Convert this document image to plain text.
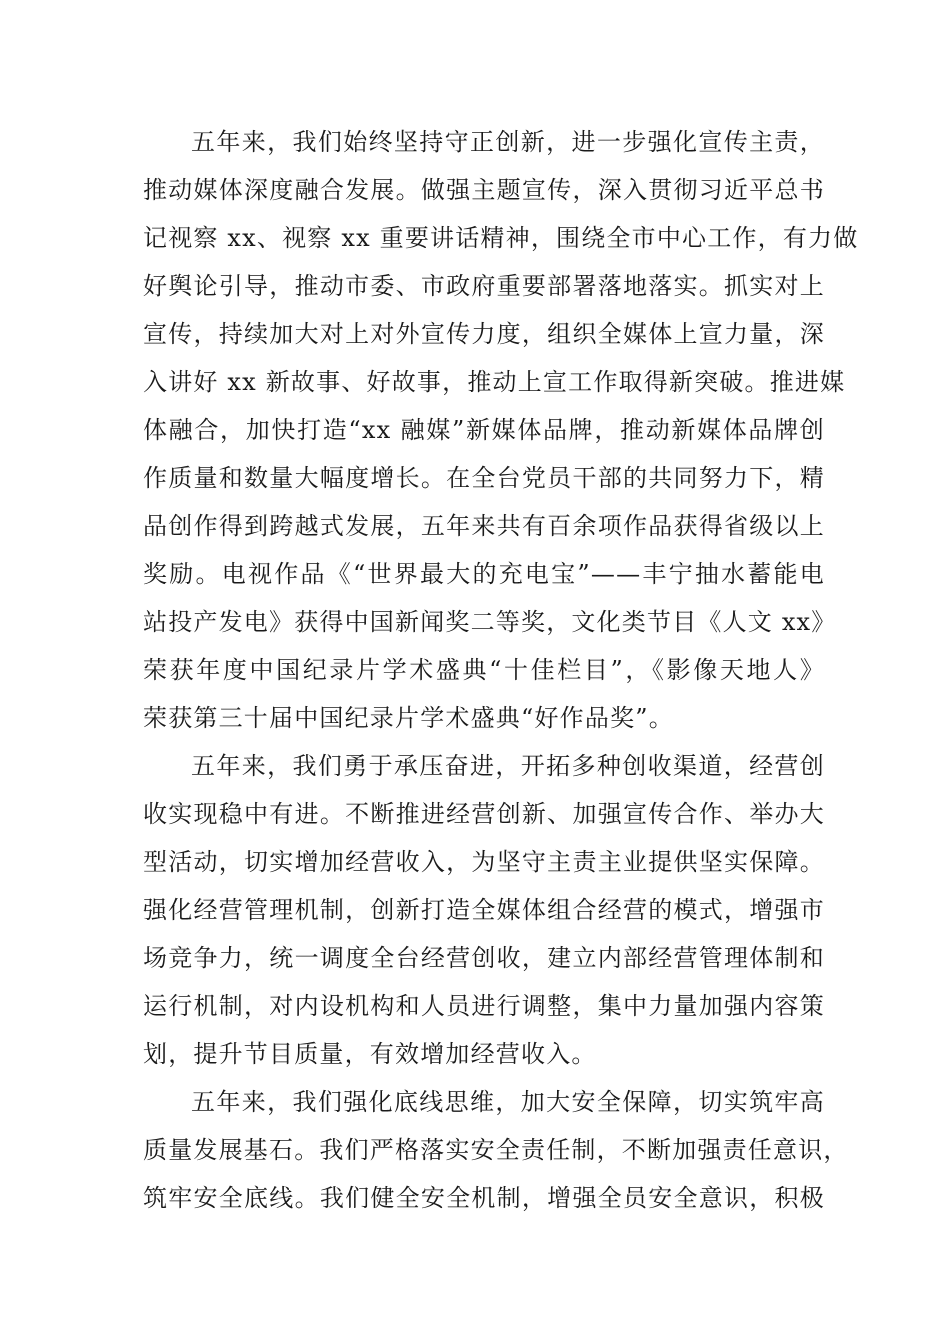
五年来，我们始终坚持守正创新，进一步强化宣传主责，
推动媒体深度融合发展。做强主题宣传，深入贯彻习近平总书
记视察 xx、视察 xx 重要讲话精神，围绕全市中心工作，有力做
好舆论引导，推动市委、市政府重要部署落地落实。抓实对上
宣传，持续加大对上对外宣传力度，组织全媒体上宣力量，深
入讲好 xx 新故事、好故事，推动上宣工作取得新突破。推进媒
体融合，加快打造“xx 融媒”新媒体品牌，推动新媒体品牌创
作质量和数量大幅度增长。在全台党员干部的共同努力下，精
品创作得到跨越式发展，五年来共有百余项作品获得省级以上
奖励。电视作品《“世界最大的充电宝”——丰宁抽水蓄能电
站投产发电》获得中国新闻奖二等奖，文化类节目《人文 xx》
荣获年度中国纪录片学术盛典“十佳栏目”，《影像天地人》
荣获第三十届中国纪录片学术盛典“好作品奖”。
五年来，我们勇于承压奋进，开拓多种创收渠道，经营创
收实现稳中有进。不断推进经营创新、加强宣传合作、举办大
型活动，切实增加经营收入，为坚守主责主业提供坚实保障。
强化经营管理机制，创新打造全媒体组合经营的模式，增强市
场竞争力，统一调度全台经营创收，建立内部经营管理体制和
运行机制，对内设机构和人员进行调整，集中力量加强内容策
划，提升节目质量，有效增加经营收入。
五年来，我们强化底线思维，加大安全保障，切实筑牢高
质量发展基石。我们严格落实安全责任制，不断加强责任意识，
筑牢安全底线。我们健全安全机制，增强全员安全意识，积极
